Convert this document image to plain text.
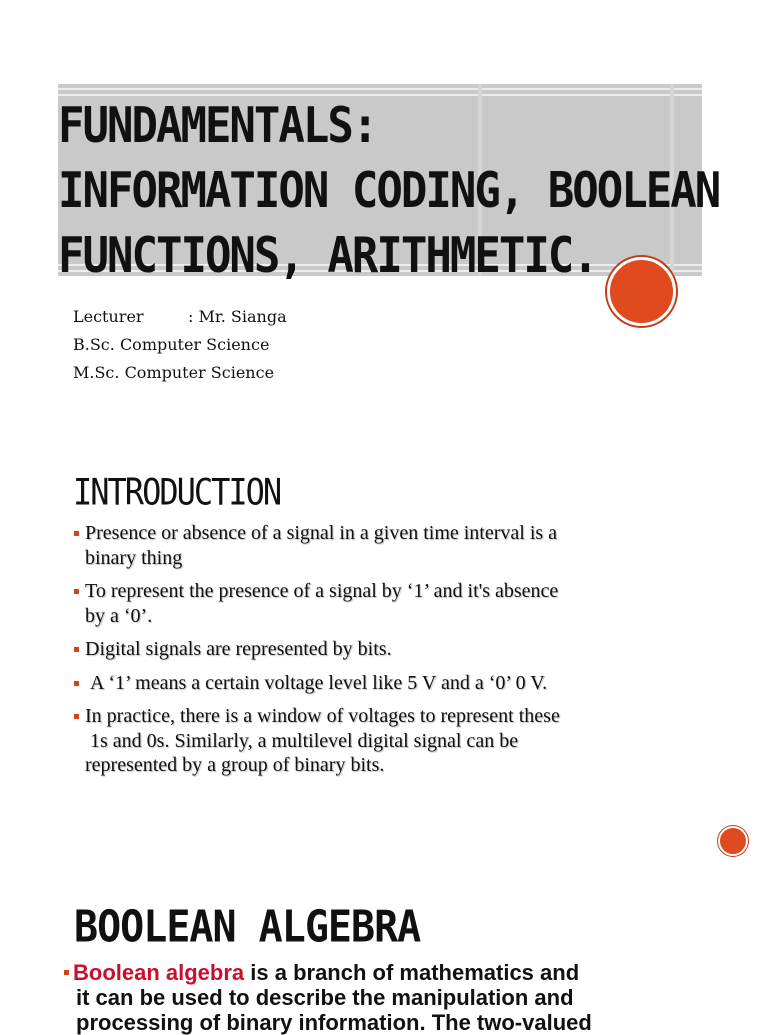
FUNDAMENTALS:
INFORMATION CODING, BOOLEAN
FUNCTIONS, ARITHMETIC.
Lecturer	: Mr. Sianga
B.Sc. Computer Science
M.Sc. Computer Science
INTRODUCTION
Presence or absence of a signal in a given time interval is a
binary thing
To represent the presence of a signal by ‘1’ and it's absence
by a ‘0’.
Digital signals are represented by bits.
A ‘1’ means a certain voltage level like 5 V and a ‘0’ 0 V.
In practice, there is a window of voltages to represent these
1s and 0s. Similarly, a multilevel digital signal can be
represented by a group of binary bits.
BOOLEAN ALGEBRA

Boolean algebra is a branch of mathematics and
it can be used to describe the manipulation and
processing of binary information. The two-valued
